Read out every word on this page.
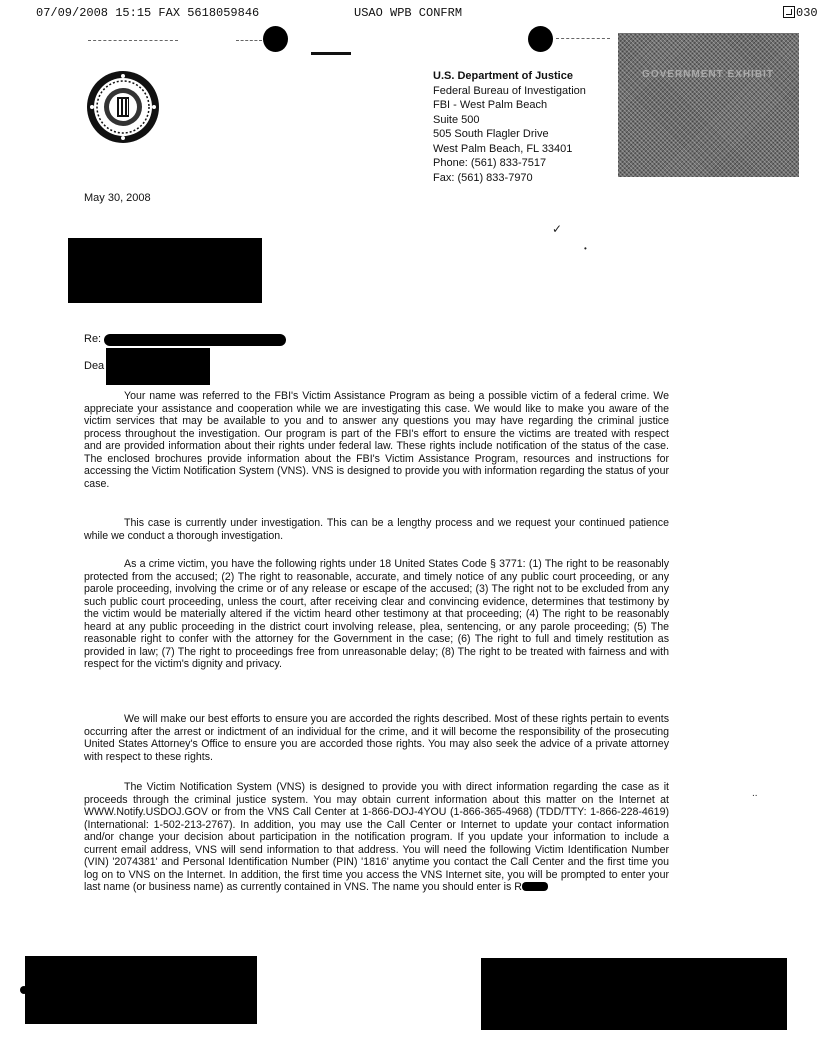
07/09/2008 15:15 FAX 5618059846	USAO WPB CONFRM	030
U.S. Department of Justice
Federal Bureau of Investigation
FBI - West Palm Beach
Suite 500
505 South Flagler Drive
West Palm Beach, FL 33401
Phone: (561) 833-7517
Fax: (561) 833-7970
GOVERNMENT EXHIBIT
May 30, 2008
✓
•
Re:
Dea

Your name was referred to the FBI's Victim Assistance Program as being a possible victim of a federal crime. We appreciate your assistance and cooperation while we are investigating this case. We would like to make you aware of the victim services that may be available to you and to answer any questions you may have regarding the criminal justice process throughout the investigation. Our program is part of the FBI's effort to ensure the victims are treated with respect and are provided information about their rights under federal law. These rights include notification of the status of the case. The enclosed brochures provide information about the FBI's Victim Assistance Program, resources and instructions for accessing the Victim Notification System (VNS). VNS is designed to provide you with information regarding the status of your case.

This case is currently under investigation. This can be a lengthy process and we request your continued patience while we conduct a thorough investigation.

As a crime victim, you have the following rights under 18 United States Code § 3771: (1) The right to be reasonably protected from the accused; (2) The right to reasonable, accurate, and timely notice of any public court proceeding, or any parole proceeding, involving the crime or of any release or escape of the accused; (3) The right not to be excluded from any such public court proceeding, unless the court, after receiving clear and convincing evidence, determines that testimony by the victim would be materially altered if the victim heard other testimony at that proceeding; (4) The right to be reasonably heard at any public proceeding in the district court involving release, plea, sentencing, or any parole proceeding; (5) The reasonable right to confer with the attorney for the Government in the case; (6) The right to full and timely restitution as provided in law; (7) The right to proceedings free from unreasonable delay; (8) The right to be treated with fairness and with respect for the victim's dignity and privacy.

We will make our best efforts to ensure you are accorded the rights described. Most of these rights pertain to events occurring after the arrest or indictment of an individual for the crime, and it will become the responsibility of the prosecuting United States Attorney's Office to ensure you are accorded those rights. You may also seek the advice of a private attorney with respect to these rights.

The Victim Notification System (VNS) is designed to provide you with direct information regarding the case as it proceeds through the criminal justice system. You may obtain current information about this matter on the Internet at WWW.Notify.USDOJ.GOV or from the VNS Call Center at 1-866-DOJ-4YOU (1-866-365-4968) (TDD/TTY: 1-866-228-4619) (International: 1-502-213-2767). In addition, you may use the Call Center or Internet to update your contact information and/or change your decision about participation in the notification program. If you update your information to include a current email address, VNS will send information to that address. You will need the following Victim Identification Number (VIN) '2074381' and Personal Identification Number (PIN) '1816' anytime you contact the Call Center and the first time you log on to VNS on the Internet. In addition, the first time you access the VNS Internet site, you will be prompted to enter your last name (or business name) as currently contained in VNS. The name you should enter is R

..
